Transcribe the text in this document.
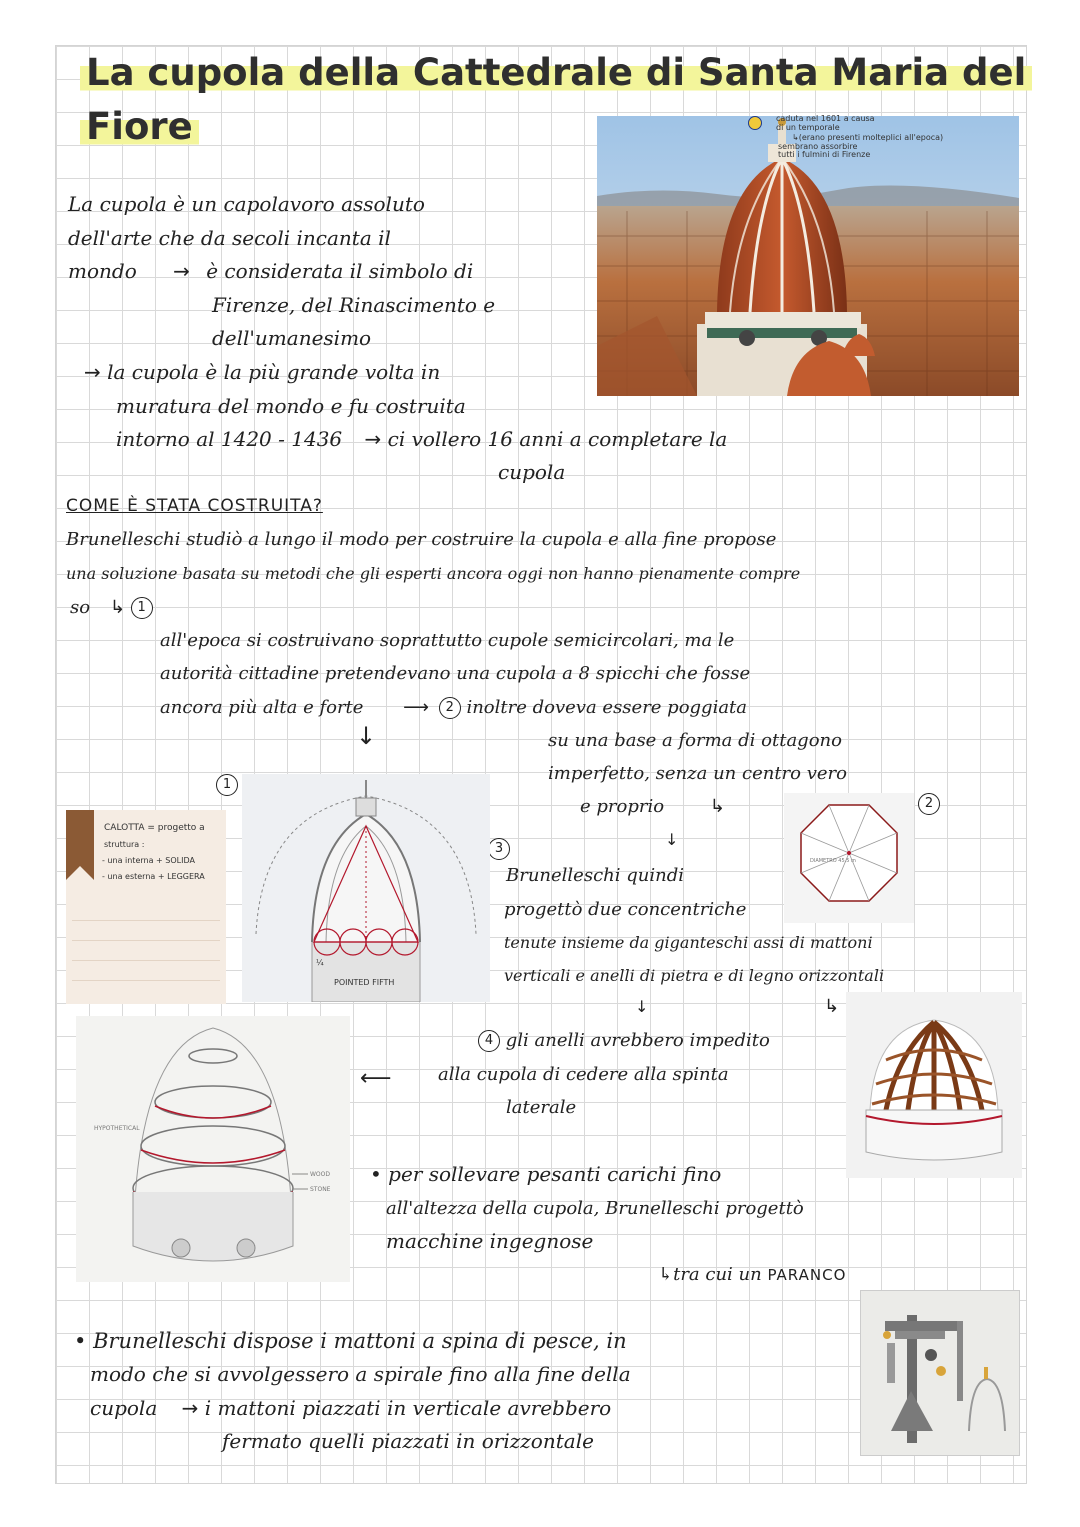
La cupola della Cattedrale di Santa Maria del
Fiore	caduta nel 1601 a causa
di un temporale
↳(erano presenti molteplici all'epoca)
sembrano assorbire
tutti i fulmini di Firenze
La cupola è un capolavoro assoluto
dell'arte che da secoli incanta il
mondo → è considerata il simbolo di
Firenze, del Rinascimento e
dell'umanesimo
→ la cupola è la più grande volta in
muratura del mondo e fu costruita
intorno al 1420 - 1436 → ci vollero 16 anni a completare la
cupola
COME È STATA COSTRUITA?
Brunelleschi studiò a lungo il modo per costruire la cupola e alla fine propose
una soluzione basata su metodi che gli esperti ancora oggi non hanno pienamente compre
so ↳ 1
all'epoca si costruivano soprattutto cupole semicircolari, ma le
autorità cittadine pretendevano una cupola a 8 spicchi che fosse
ancora più alta e forte ⟶ 2 inoltre doveva essere poggiata
su una base a forma di ottagono
imperfetto, senza un centro vero
e proprio	↳
↓
↓
1
2
3
CALOTTA = progetto a
struttura :
- una interna + SOLIDA
- una esterna + LEGGERA
POINTED FIFTH
¼
DIAMETRO 45,5 m
Brunelleschi quindi
progettò due concentriche
tenute insieme da giganteschi assi di mattoni
verticali e anelli di pietra e di legno orizzontali
↓	↳
HYPOTHETICAL
WOOD
STONE
4 gli anelli avrebbero impedito
alla cupola di cedere alla spinta
laterale
⟵
• per sollevare pesanti carichi fino
all'altezza della cupola, Brunelleschi progettò
macchine ingegnose
↳tra cui un PARANCO
• Brunelleschi dispose i mattoni a spina di pesce, in
modo che si avvolgessero a spirale fino alla fine della
cupola → i mattoni piazzati in verticale avrebbero
fermato quelli piazzati in orizzontale
